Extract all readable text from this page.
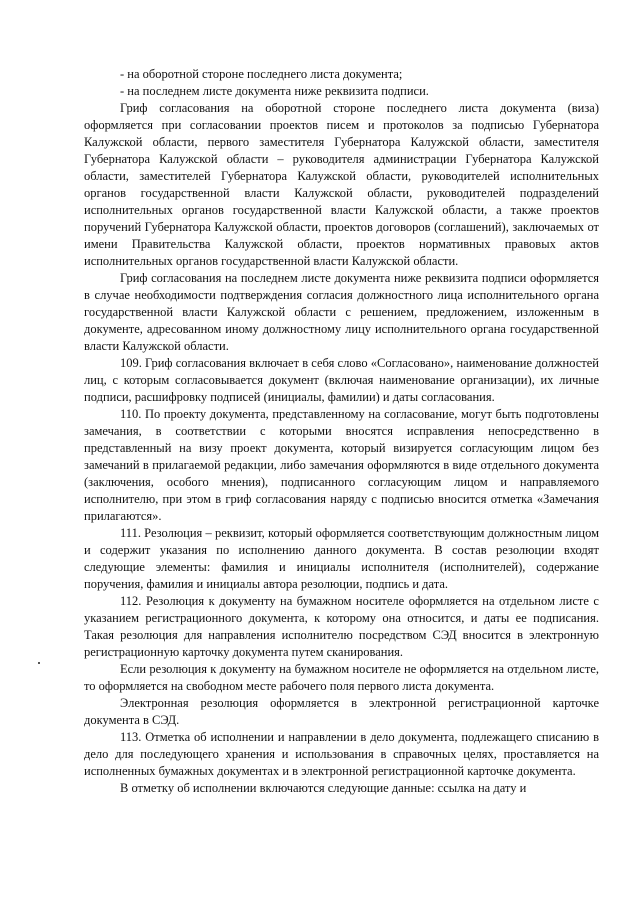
- на оборотной стороне последнего листа документа;

- на последнем листе документа ниже реквизита подписи.

Гриф согласования на оборотной стороне последнего листа документа (виза) оформляется при согласовании проектов писем и протоколов за подписью Губернатора Калужской области, первого заместителя Губернатора Калужской области, заместителя Губернатора Калужской области – руководителя администрации Губернатора Калужской области, заместителей Губернатора Калужской области, руководителей исполнительных органов государственной власти Калужской области, руководителей подразделений исполнительных органов государственной власти Калужской области, а также проектов поручений Губернатора Калужской области, проектов договоров (соглашений), заключаемых от имени Правительства Калужской области, проектов нормативных правовых актов исполнительных органов государственной власти Калужской области.

Гриф согласования на последнем листе документа ниже реквизита подписи оформляется в случае необходимости подтверждения согласия должностного лица исполнительного органа государственной власти Калужской области с решением, предложением, изложенным в документе, адресованном иному должностному лицу исполнительного органа государственной власти Калужской области.

109. Гриф согласования включает в себя слово «Согласовано», наименование должностей лиц, с которым согласовывается документ (включая наименование организации), их личные подписи, расшифровку подписей (инициалы, фамилии) и даты согласования.

110. По проекту документа, представленному на согласование, могут быть подготовлены замечания, в соответствии с которыми вносятся исправления непосредственно в представленный на визу проект документа, который визируется согласующим лицом без замечаний в прилагаемой редакции, либо замечания оформляются в виде отдельного документа (заключения, особого мнения), подписанного согласующим лицом и направляемого исполнителю, при этом в гриф согласования наряду с подписью вносится отметка «Замечания прилагаются».

111. Резолюция – реквизит, который оформляется соответствующим должностным лицом и содержит указания по исполнению данного документа. В состав резолюции входят следующие элементы: фамилия и инициалы исполнителя (исполнителей), содержание поручения, фамилия и инициалы автора резолюции, подпись и дата.

112. Резолюция к документу на бумажном носителе оформляется на отдельном листе с указанием регистрационного документа, к которому она относится, и даты ее подписания. Такая резолюция для направления исполнителю посредством СЭД вносится в электронную регистрационную карточку документа путем сканирования.

Если резолюция к документу на бумажном носителе не оформляется на отдельном листе, то оформляется на свободном месте рабочего поля первого листа документа.

Электронная резолюция оформляется в электронной регистрационной карточке документа в СЭД.

113. Отметка об исполнении и направлении в дело документа, подлежащего списанию в дело для последующего хранения и использования в справочных целях, проставляется на исполненных бумажных документах и в электронной регистрационной карточке документа.

В отметку об исполнении включаются следующие данные: ссылка на дату и
